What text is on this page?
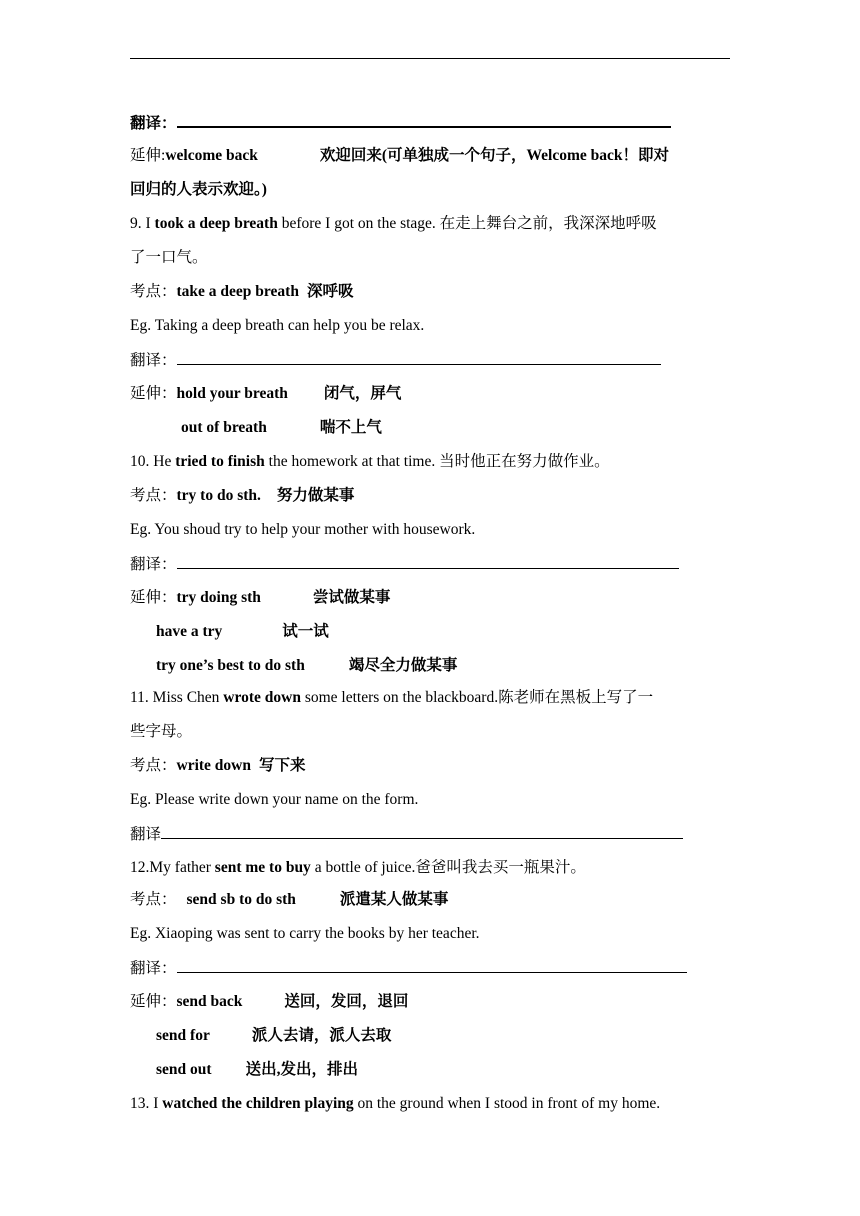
翻译：
延伸:welcome back	欢迎回来(可单独成一个句子，Welcome back！即对
回归的人表示欢迎。)
9. I took a deep breath before I got on the stage. 在走上舞台之前，我深深地呼吸
了一口气。
考点：take a deep breath 深呼吸
Eg. Taking a deep breath can help you be relax.
翻译：
延伸：hold your breath 闭气，屏气
out of breath	喘不上气
10. He tried to finish the homework at that time. 当时他正在努力做作业。
考点：try to do sth. 努力做某事
Eg. You shoud try to help your mother with housework.
翻译：
延伸：try doing sth	尝试做某事
have a try	试一试
try one’s best to do sth	竭尽全力做某事
11. Miss Chen wrote down some letters on the blackboard.陈老师在黑板上写了一
些字母。
考点：write down 写下来
Eg. Please write down your name on the form.
翻译
12.My father sent me to buy a bottle of juice.爸爸叫我去买一瓶果汁。
考点： send sb to do sth	派遣某人做某事
Eg. Xiaoping was sent to carry the books by her teacher.
翻译：
延伸：send back	送回，发回，退回
send for	派人去请，派人去取
send out 送出,发出，排出
13. I watched the children playing on the ground when I stood in front of my home.
